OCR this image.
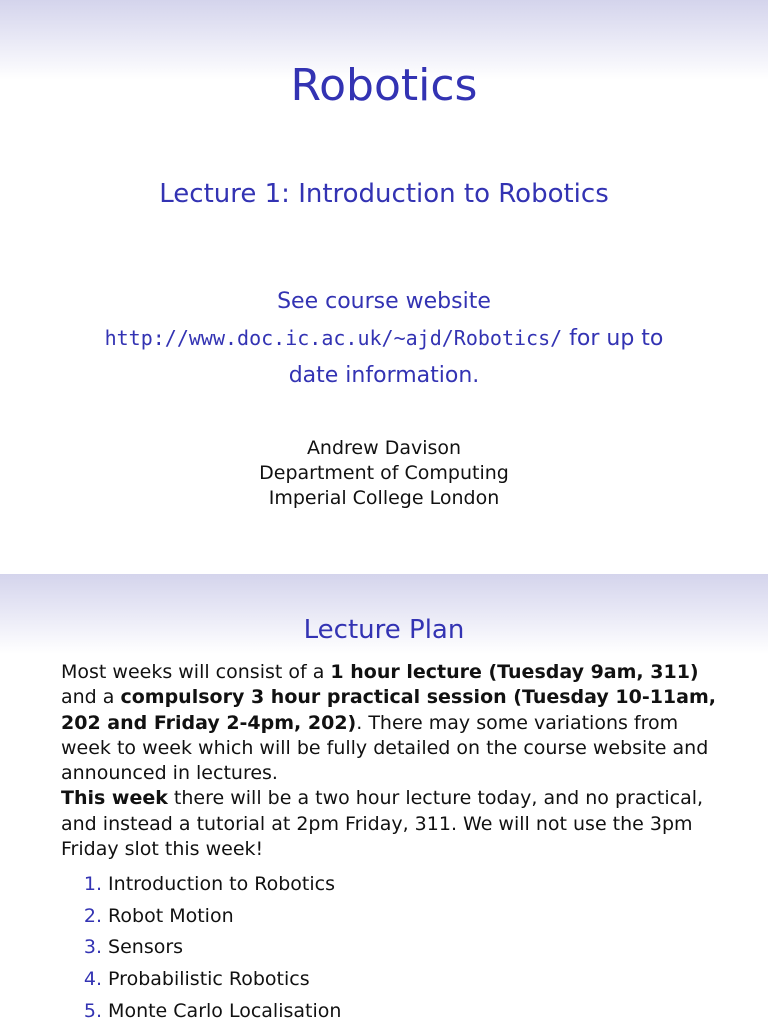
Robotics
Lecture 1: Introduction to Robotics
See course website
http://www.doc.ic.ac.uk/~ajd/Robotics/ for up to
date information.
Andrew Davison
Department of Computing
Imperial College London
Lecture Plan
Most weeks will consist of a 1 hour lecture (Tuesday 9am, 311) and a compulsory 3 hour practical session (Tuesday 10-11am, 202 and Friday 2-4pm, 202). There may some variations from week to week which will be fully detailed on the course website and announced in lectures.
This week there will be a two hour lecture today, and no practical, and instead a tutorial at 2pm Friday, 311. We will not use the 3pm Friday slot this week!
1. Introduction to Robotics
2. Robot Motion
3. Sensors
4. Probabilistic Robotics
5. Monte Carlo Localisation
